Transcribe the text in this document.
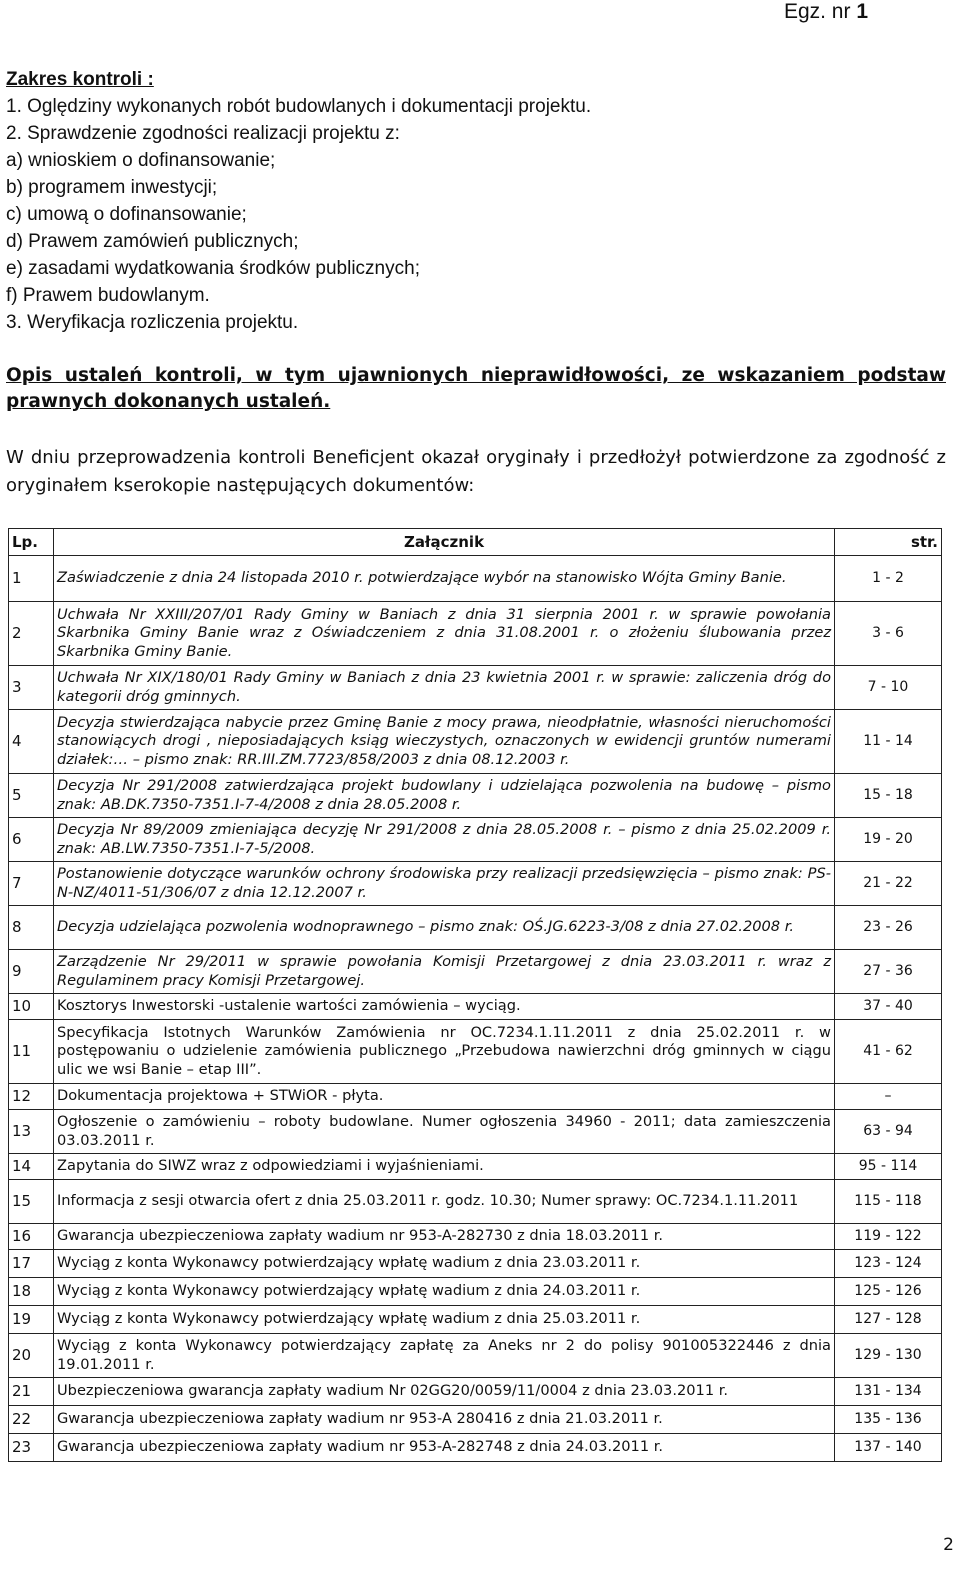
Egz. nr 1
Zakres kontroli :
1. Oględziny wykonanych robót budowlanych i dokumentacji projektu.
2. Sprawdzenie zgodności realizacji projektu z:
a) wnioskiem o dofinansowanie;
b) programem inwestycji;
c) umową o dofinansowanie;
d) Prawem zamówień publicznych;
e) zasadami wydatkowania środków publicznych;
f) Prawem budowlanym.
3. Weryfikacja rozliczenia projektu.
Opis ustaleń kontroli, w tym ujawnionych nieprawidłowości, ze wskazaniem podstaw prawnych dokonanych ustaleń.
W dniu przeprowadzenia kontroli Beneficjent okazał oryginały i przedłożył potwierdzone za zgodność z oryginałem kserokopie następujących dokumentów:
Lp.	Załącznik	str.
1	Zaświadczenie z dnia 24 listopada 2010 r. potwierdzające wybór na stanowisko Wójta Gminy Banie.	1 - 2
2	Uchwała Nr XXIII/207/01 Rady Gminy w Baniach z dnia 31 sierpnia 2001 r. w sprawie powołania Skarbnika Gminy Banie wraz z Oświadczeniem z dnia 31.08.2001 r. o złożeniu ślubowania przez Skarbnika Gminy Banie.	3 - 6
3	Uchwała Nr XIX/180/01 Rady Gminy w Baniach z dnia 23 kwietnia 2001 r. w sprawie: zaliczenia dróg do kategorii dróg gminnych.	7 - 10
4	Decyzja stwierdzająca nabycie przez Gminę Banie z mocy prawa, nieodpłatnie, własności nieruchomości stanowiących drogi , nieposiadających ksiąg wieczystych, oznaczonych w ewidencji gruntów numerami działek:… – pismo znak: RR.III.ZM.7723/858/2003 z dnia 08.12.2003 r.	11 - 14
5	Decyzja Nr 291/2008 zatwierdzająca projekt budowlany i udzielająca pozwolenia na budowę – pismo znak: AB.DK.7350-7351.I-7-4/2008 z dnia 28.05.2008 r.	15 - 18
6	Decyzja Nr 89/2009 zmieniająca decyzję Nr 291/2008 z dnia 28.05.2008 r. – pismo z dnia 25.02.2009 r. znak: AB.LW.7350-7351.I-7-5/2008.	19 - 20
7	Postanowienie dotyczące warunków ochrony środowiska przy realizacji przedsięwzięcia – pismo znak: PS-N-NZ/4011-51/306/07 z dnia 12.12.2007 r.	21 - 22
8	Decyzja udzielająca pozwolenia wodnoprawnego – pismo znak: OŚ.JG.6223-3/08 z dnia 27.02.2008 r.	23 - 26
9	Zarządzenie Nr 29/2011 w sprawie powołania Komisji Przetargowej z dnia 23.03.2011 r. wraz z Regulaminem pracy Komisji Przetargowej.	27 - 36
10	Kosztorys Inwestorski -ustalenie wartości zamówienia – wyciąg.	37 - 40
11	Specyfikacja Istotnych Warunków Zamówienia nr OC.7234.1.11.2011 z dnia 25.02.2011 r. w postępowaniu o udzielenie zamówienia publicznego „Przebudowa nawierzchni dróg gminnych w ciągu ulic we wsi Banie – etap III”.	41 - 62
12	Dokumentacja projektowa + STWiOR - płyta.	–
13	Ogłoszenie o zamówieniu – roboty budowlane. Numer ogłoszenia 34960 - 2011; data zamieszczenia 03.03.2011 r.	63 - 94
14	Zapytania do SIWZ wraz z odpowiedziami i wyjaśnieniami.	95 - 114
15	Informacja z sesji otwarcia ofert z dnia 25.03.2011 r. godz. 10.30; Numer sprawy: OC.7234.1.11.2011	115 - 118
16	Gwarancja ubezpieczeniowa zapłaty wadium nr 953-A-282730 z dnia 18.03.2011 r.	119 - 122
17	Wyciąg z konta Wykonawcy potwierdzający wpłatę wadium z dnia 23.03.2011 r.	123 - 124
18	Wyciąg z konta Wykonawcy potwierdzający wpłatę wadium z dnia 24.03.2011 r.	125 - 126
19	Wyciąg z konta Wykonawcy potwierdzający wpłatę wadium z dnia 25.03.2011 r.	127 - 128
20	Wyciąg z konta Wykonawcy potwierdzający zapłatę za Aneks nr 2 do polisy 901005322446 z dnia 19.01.2011 r.	129 - 130
21	Ubezpieczeniowa gwarancja zapłaty wadium Nr 02GG20/0059/11/0004 z dnia 23.03.2011 r.	131 - 134
22	Gwarancja ubezpieczeniowa zapłaty wadium nr 953-A 280416 z dnia 21.03.2011 r.	135 - 136
23	Gwarancja ubezpieczeniowa zapłaty wadium nr 953-A-282748 z dnia 24.03.2011 r.	137 - 140
2
